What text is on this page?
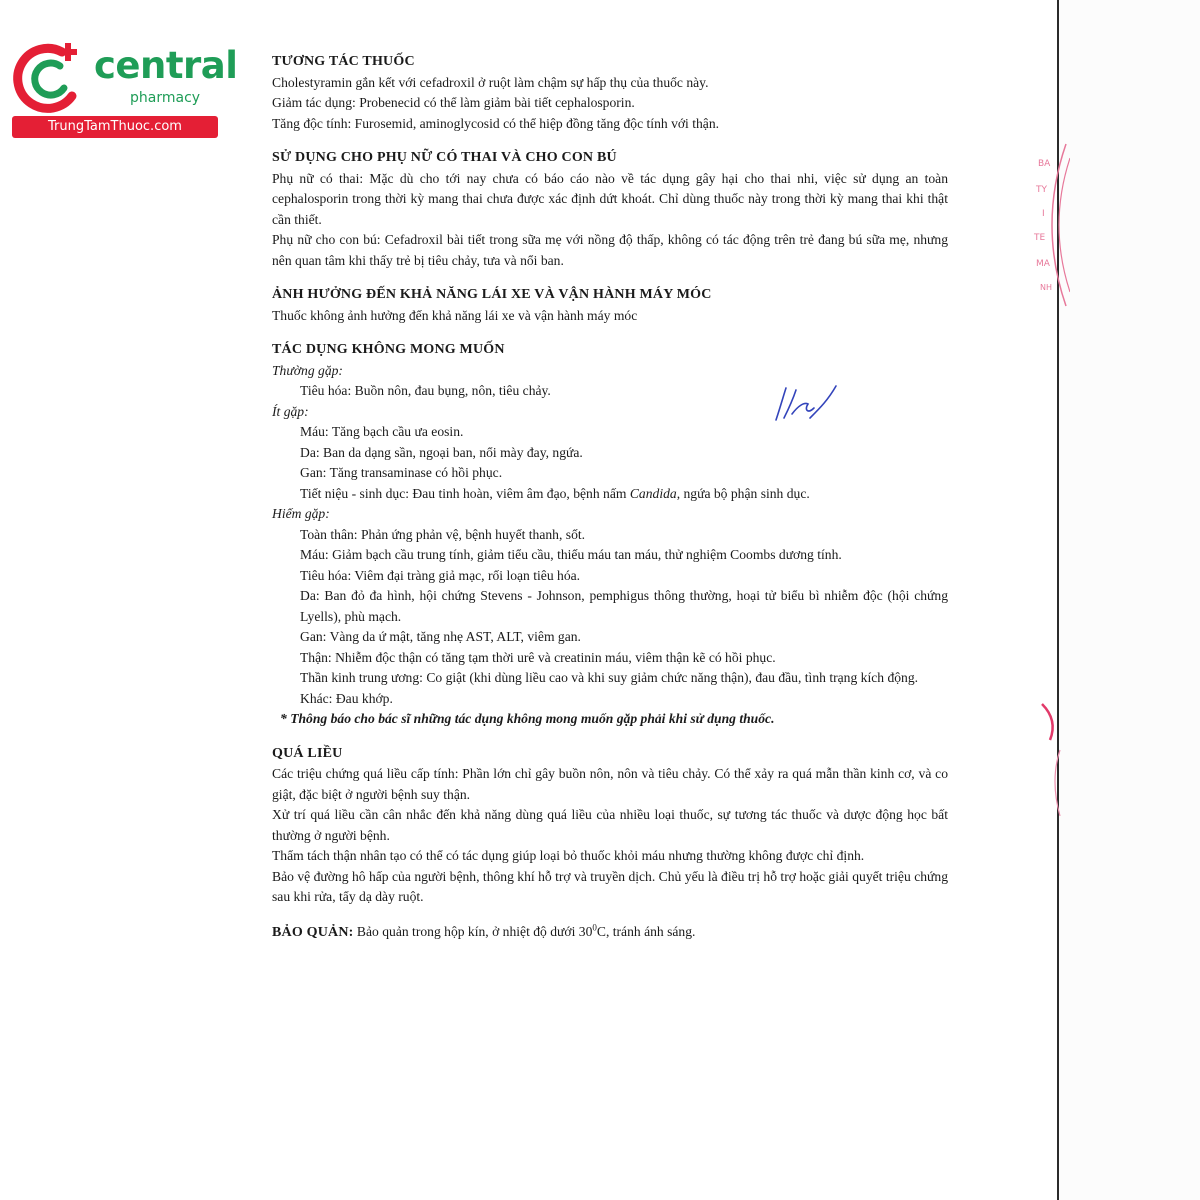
central
pharmacy
TrungTamThuoc.com

TƯƠNG TÁC THUỐC

Cholestyramin gắn kết với cefadroxil ở ruột làm chậm sự hấp thụ của thuốc này.

Giảm tác dụng: Probenecid có thể làm giảm bài tiết cephalosporin.

Tăng độc tính: Furosemid, aminoglycosid có thể hiệp đồng tăng độc tính với thận.

SỬ DỤNG CHO PHỤ NỮ CÓ THAI VÀ CHO CON BÚ

Phụ nữ có thai: Mặc dù cho tới nay chưa có báo cáo nào về tác dụng gây hại cho thai nhi, việc sử dụng an toàn cephalosporin trong thời kỳ mang thai chưa được xác định dứt khoát. Chỉ dùng thuốc này trong thời kỳ mang thai khi thật cần thiết.

Phụ nữ cho con bú: Cefadroxil bài tiết trong sữa mẹ với nồng độ thấp, không có tác động trên trẻ đang bú sữa mẹ, nhưng nên quan tâm khi thấy trẻ bị tiêu chảy, tưa và nổi ban.

ẢNH HƯỞNG ĐẾN KHẢ NĂNG LÁI XE VÀ VẬN HÀNH MÁY MÓC

Thuốc không ảnh hưởng đến khả năng lái xe và vận hành máy móc

TÁC DỤNG KHÔNG MONG MUỐN

Thường gặp:

Tiêu hóa: Buồn nôn, đau bụng, nôn, tiêu chảy.

Ít gặp:

Máu: Tăng bạch cầu ưa eosin.

Da: Ban da dạng sần, ngoại ban, nổi mày đay, ngứa.

Gan: Tăng transaminase có hồi phục.

Tiết niệu - sinh dục: Đau tinh hoàn, viêm âm đạo, bệnh nấm Candida, ngứa bộ phận sinh dục.

Hiếm gặp:

Toàn thân: Phản ứng phản vệ, bệnh huyết thanh, sốt.

Máu: Giảm bạch cầu trung tính, giảm tiểu cầu, thiếu máu tan máu, thử nghiệm Coombs dương tính.

Tiêu hóa: Viêm đại tràng giả mạc, rối loạn tiêu hóa.

Da: Ban đỏ đa hình, hội chứng Stevens - Johnson, pemphigus thông thường, hoại tử biểu bì nhiễm độc (hội chứng Lyells), phù mạch.

Gan: Vàng da ứ mật, tăng nhẹ AST, ALT, viêm gan.

Thận: Nhiễm độc thận có tăng tạm thời urê và creatinin máu, viêm thận kẽ có hồi phục.

Thần kinh trung ương: Co giật (khi dùng liều cao và khi suy giảm chức năng thận), đau đầu, tình trạng kích động.

Khác: Đau khớp.

* Thông báo cho bác sĩ những tác dụng không mong muốn gặp phải khi sử dụng thuốc.

QUÁ LIỀU

Các triệu chứng quá liều cấp tính: Phần lớn chỉ gây buồn nôn, nôn và tiêu chảy. Có thể xảy ra quá mẫn thần kinh cơ, và co giật, đặc biệt ở người bệnh suy thận.

Xử trí quá liều cần cân nhắc đến khả năng dùng quá liều của nhiều loại thuốc, sự tương tác thuốc và dược động học bất thường ở người bệnh.

Thẩm tách thận nhân tạo có thể có tác dụng giúp loại bỏ thuốc khỏi máu nhưng thường không được chỉ định.

Bảo vệ đường hô hấp của người bệnh, thông khí hỗ trợ và truyền dịch. Chủ yếu là điều trị hỗ trợ hoặc giải quyết triệu chứng sau khi rửa, tẩy dạ dày ruột.

BẢO QUẢN: Bảo quản trong hộp kín, ở nhiệt độ dưới $30^0C$, tránh ánh sáng.

BA
TY
I
TE
MA
NH
